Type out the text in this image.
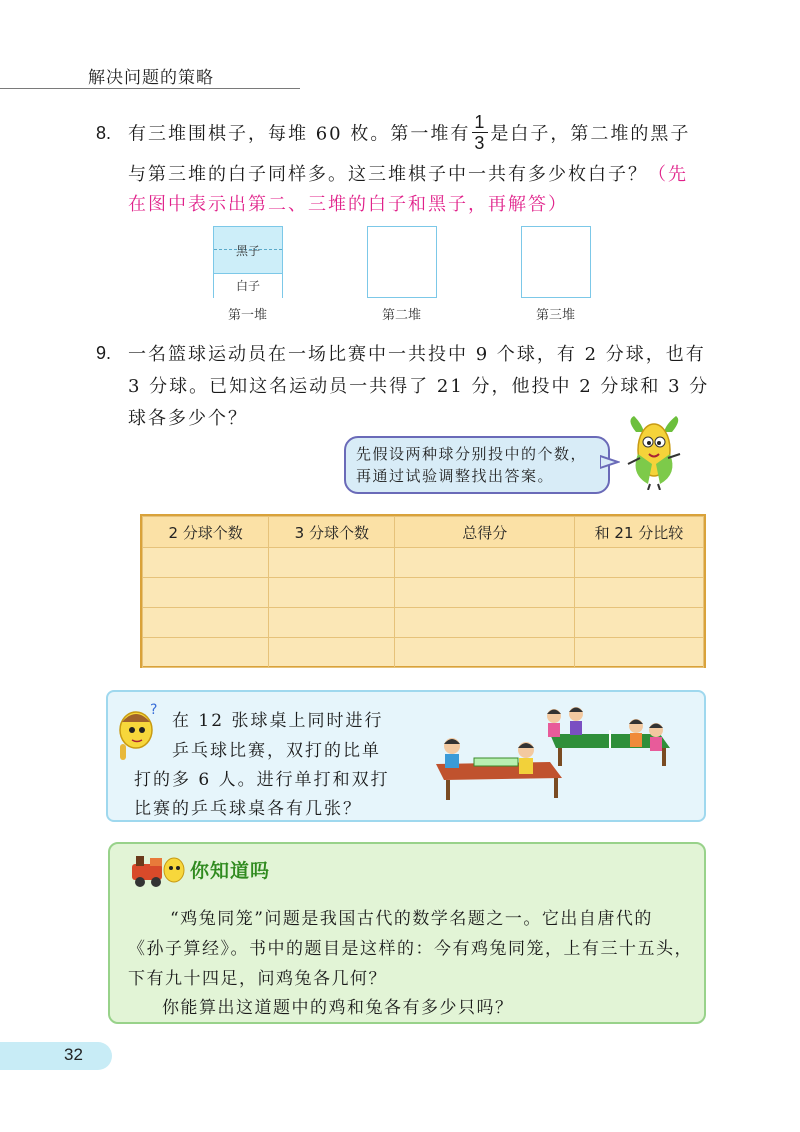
解决问题的策略
8. 有三堆围棋子，每堆 60 枚。第一堆有 $\frac{1}{3}$ 是白子，第二堆的黑子
与第三堆的白子同样多。这三堆棋子中一共有多少枚白子？（先
在图中表示出第二、三堆的白子和黑子，再解答）
黑子
白子
第一堆	第二堆	第三堆
9. 一名篮球运动员在一场比赛中一共投中 9 个球，有 2 分球，也有
3 分球。已知这名运动员一共得了 21 分，他投中 2 分球和 3 分
球各多少个？
先假设两种球分别投中的个数，
再通过试验调整找出答案。
2 分球个数	3 分球个数	总得分	和 21 分比较

?
在 12 张球桌上同时进行
乒乓球比赛，双打的比单
打的多 6 人。进行单打和双打
比赛的乒乓球桌各有几张？
你知道吗
“鸡兔同笼”问题是我国古代的数学名题之一。它出自唐代的
《孙子算经》。书中的题目是这样的：今有鸡兔同笼，上有三十五头，
下有九十四足，问鸡兔各几何？
你能算出这道题中的鸡和兔各有多少只吗？
32
